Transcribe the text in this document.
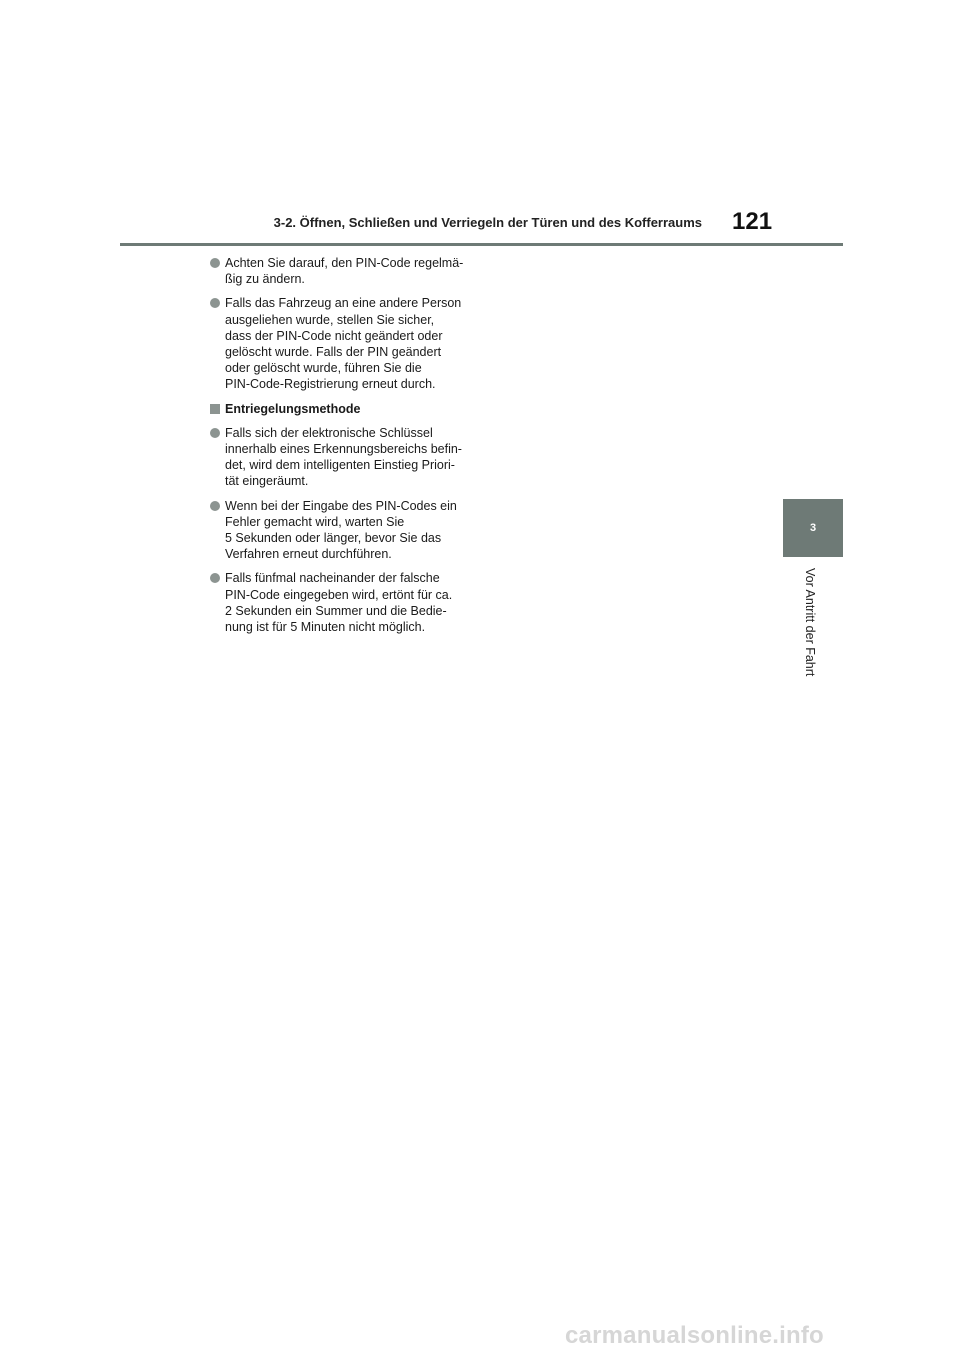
3-2. Öffnen, Schließen und Verriegeln der Türen und des Kofferraums 121
Achten Sie darauf, den PIN-Code regelmä-
ßig zu ändern.
Falls das Fahrzeug an eine andere Person
ausgeliehen wurde, stellen Sie sicher,
dass der PIN-Code nicht geändert oder
gelöscht wurde. Falls der PIN geändert
oder gelöscht wurde, führen Sie die
PIN-Code-Registrierung erneut durch.
Entriegelungsmethode
Falls sich der elektronische Schlüssel
innerhalb eines Erkennungsbereichs befin-
det, wird dem intelligenten Einstieg Priori-
tät eingeräumt.
Wenn bei der Eingabe des PIN-Codes ein
Fehler gemacht wird, warten Sie
5 Sekunden oder länger, bevor Sie das
Verfahren erneut durchführen.
Falls fünfmal nacheinander der falsche
PIN-Code eingegeben wird, ertönt für ca.
2 Sekunden ein Summer und die Bedie-
nung ist für 5 Minuten nicht möglich.
3
Vor Antritt der Fahrt
carmanualsonline.info
